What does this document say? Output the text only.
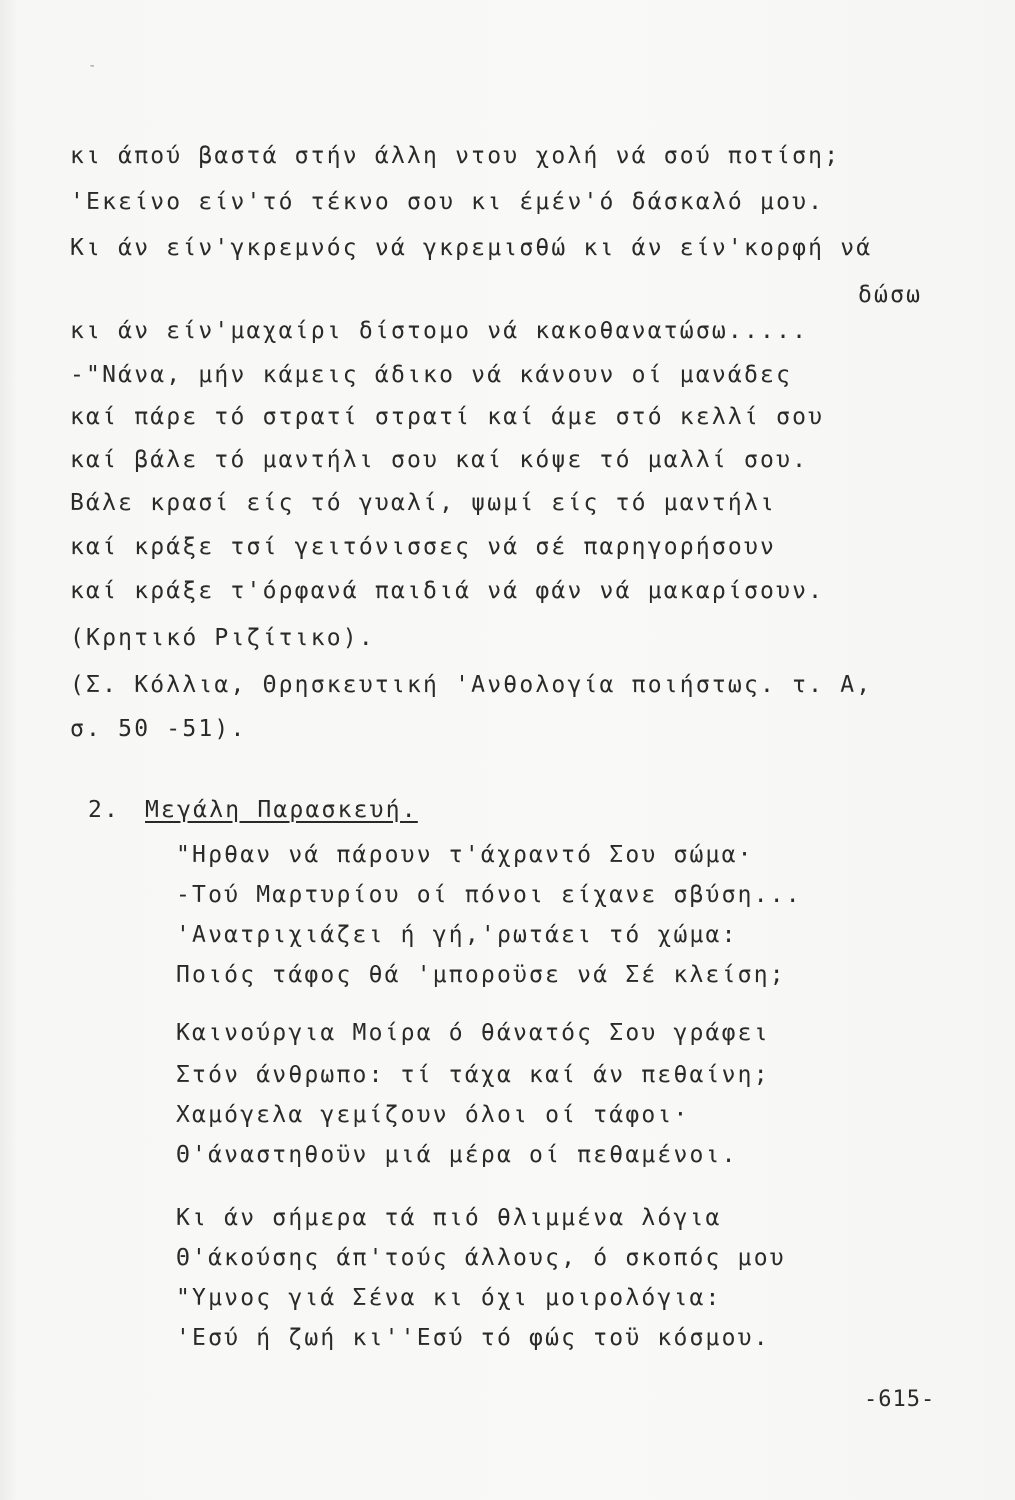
-
κι άπού βαστά στήν άλλη ντου χολή νά σού ποτίση;
'Εκείνο είν'τό τέκνο σου κι έμέν'ό δάσκαλό μου.
Κι άν είν'γκρεμνός νά γκρεμισθώ κι άν είν'κορφή νά
δώσω
κι άν είν'μαχαίρι δίστομο νά κακοθανατώσω.....
-"Νάνα, μήν κάμεις άδικο νά κάνουν οί μανάδες
καί πάρε τό στρατί στρατί καί άμε στό κελλί σου
καί βάλε τό μαντήλι σου καί κόψε τό μαλλί σου.
Βάλε κρασί είς τό γυαλί, ψωμί είς τό μαντήλι
καί κράξε τσί γειτόνισσες νά σέ παρηγορήσουν
καί κράξε τ'όρφανά παιδιά νά φάν νά μακαρίσουν.
(Κρητικό Ριζίτικο).
(Σ. Κόλλια, Θρησκευτική 'Ανθολογία ποιήστως. τ. Α,
σ. 50 -51).
2. Μεγάλη Παρασκευή.
"Ηρθαν νά πάρουν τ'άχραντό Σου σώμα·
-Τού Μαρτυρίου οί πόνοι είχανε σβύση...
'Ανατριχιάζει ή γή,'ρωτάει τό χώμα:
Ποιός τάφος θά 'μποροϋσε νά Σέ κλείση;
Καινούργια Μοίρα ό θάνατός Σου γράφει
Στόν άνθρωπο: τί τάχα καί άν πεθαίνη;
Χαμόγελα γεμίζουν όλοι οί τάφοι·
Θ'άναστηθοϋν μιά μέρα οί πεθαμένοι.
Κι άν σήμερα τά πιό θλιμμένα λόγια
Θ'άκούσης άπ'τούς άλλους, ό σκοπός μου
"Υμνος γιά Σένα κι όχι μοιρολόγια:
'Εσύ ή ζωή κι''Εσύ τό φώς τοϋ κόσμου.
-615-
